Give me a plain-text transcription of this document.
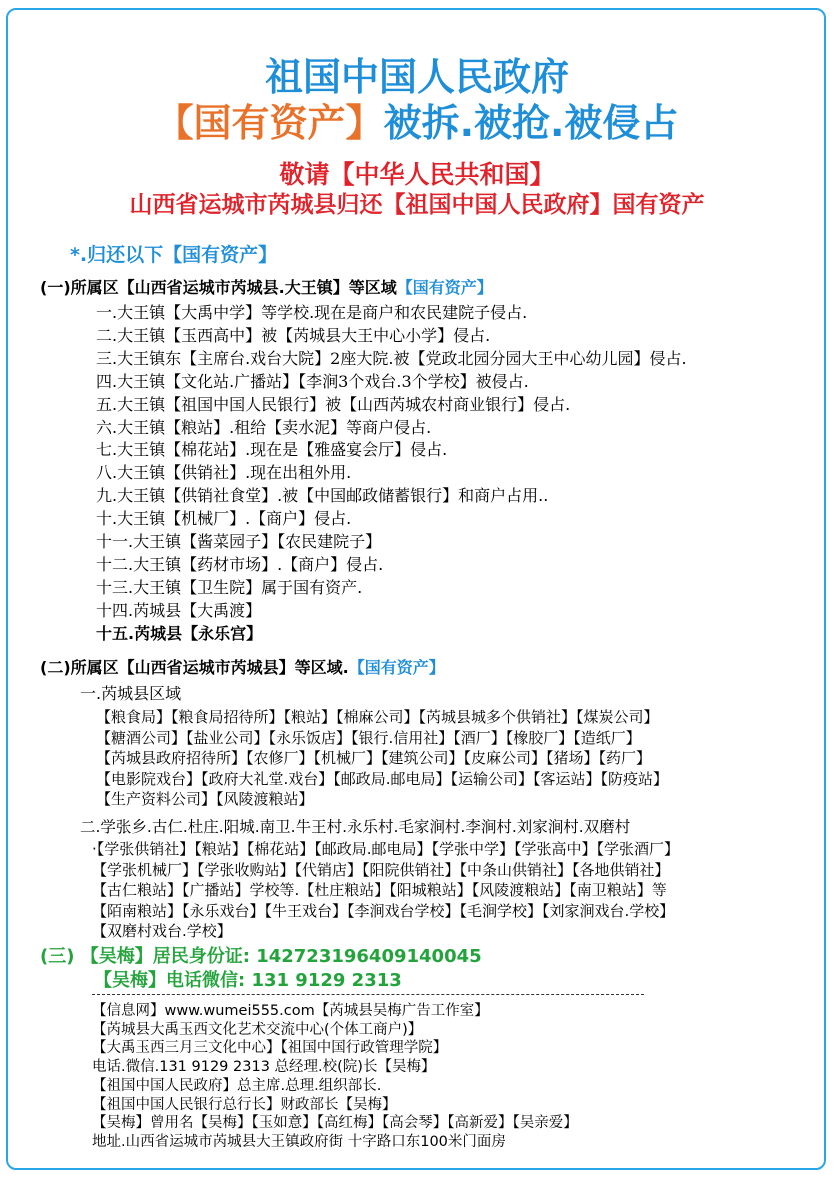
祖国中国人民政府
【国有资产】被拆.被抢.被侵占
敬请【中华人民共和国】
山西省运城市芮城县归还【祖国中国人民政府】国有资产
*.归还以下【国有资产】
(一)所属区【山西省运城市芮城县.大王镇】等区域【国有资产】
一.大王镇【大禹中学】等学校.现在是商户和农民建院子侵占.
二.大王镇【玉西高中】被【芮城县大王中心小学】侵占.
三.大王镇东【主席台.戏台大院】2座大院.被【党政北园分园大王中心幼儿园】侵占.
四.大王镇【文化站.广播站】【李涧3个戏台.3个学校】被侵占.
五.大王镇【祖国中国人民银行】被【山西芮城农村商业银行】侵占.
六.大王镇【粮站】.租给【卖水泥】等商户侵占.
七.大王镇【棉花站】.现在是【雅盛宴会厅】侵占.
八.大王镇【供销社】.现在出租外用.
九.大王镇【供销社食堂】.被【中国邮政储蓄银行】和商户占用..
十.大王镇【机械厂】.【商户】侵占.
十一.大王镇【酱菜园子】【农民建院子】
十二.大王镇【药材市场】.【商户】侵占.
十三.大王镇【卫生院】属于国有资产.
十四.芮城县【大禹渡】
十五.芮城县【永乐宫】
(二)所属区【山西省运城市芮城县】等区域.【国有资产】
一.芮城县区域
【粮食局】【粮食局招待所】【粮站】【棉麻公司】【芮城县城多个供销社】【煤炭公司】
【糖酒公司】【盐业公司】【永乐饭店】【银行.信用社】【酒厂】【橡胶厂】【造纸厂】
【芮城县政府招待所】【农修厂】【机械厂】【建筑公司】【皮麻公司】【猪场】【药厂】
【电影院戏台】【政府大礼堂.戏台】【邮政局.邮电局】【运输公司】【客运站】【防疫站】
【生产资料公司】【风陵渡粮站】
二.学张乡.古仁.杜庄.阳城.南卫.牛王村.永乐村.毛家涧村.李涧村.刘家涧村.双磨村
·【学张供销社】【粮站】【棉花站】【邮政局.邮电局】【学张中学】【学张高中】【学张酒厂】
【学张机械厂】【学张收购站】【代销店】【阳院供销社】【中条山供销社】【各地供销社】
【古仁粮站】【广播站】学校等.【杜庄粮站】【阳城粮站】【风陵渡粮站】【南卫粮站】等
【陌南粮站】【永乐戏台】【牛王戏台】【李涧戏台学校】【毛涧学校】【刘家涧戏台.学校】
【双磨村戏台.学校】
(三) 【吴梅】居民身份证: 142723196409140045
【吴梅】电话微信: 131 9129 2313
【信息网】www.wumei555.com【芮城县吴梅广告工作室】
【芮城县大禹玉西文化艺术交流中心(个体工商户)】
【大禹玉西三月三文化中心】【祖国中国行政管理学院】
电话.微信.131 9129 2313 总经理.校(院)长【吴梅】
【祖国中国人民政府】总主席.总理.组织部长.
【祖国中国人民银行总行长】财政部长【吴梅】
【吴梅】曾用名【吴梅】【玉如意】【高红梅】【高会琴】【高新爱】【吴亲爱】
地址.山西省运城市芮城县大王镇政府街 十字路口东100米门面房
